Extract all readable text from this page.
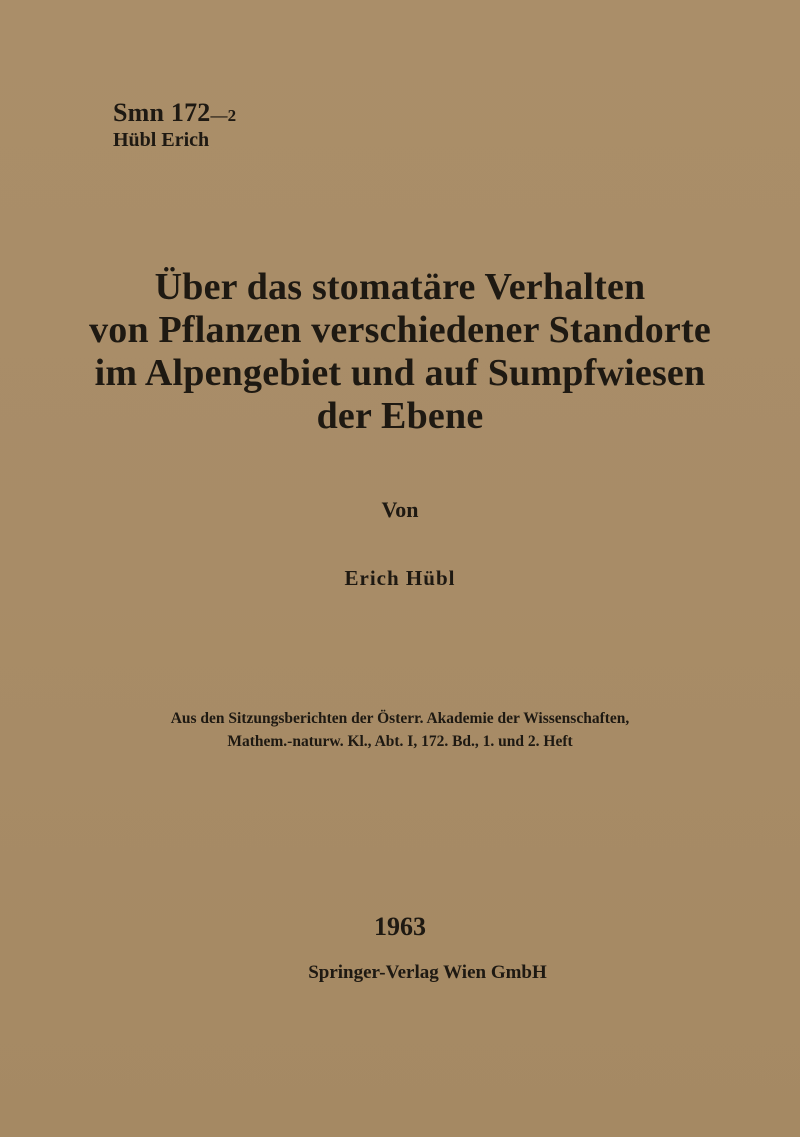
Smn 172—2
Hübl Erich
Über das stomatäre Verhalten
von Pflanzen verschiedener Standorte
im Alpengebiet und auf Sumpfwiesen
der Ebene
Von
Erich Hübl
Aus den Sitzungsberichten der Österr. Akademie der Wissenschaften,
Mathem.-naturw. Kl., Abt. I, 172. Bd., 1. und 2. Heft
1963
Springer-Verlag Wien GmbH
